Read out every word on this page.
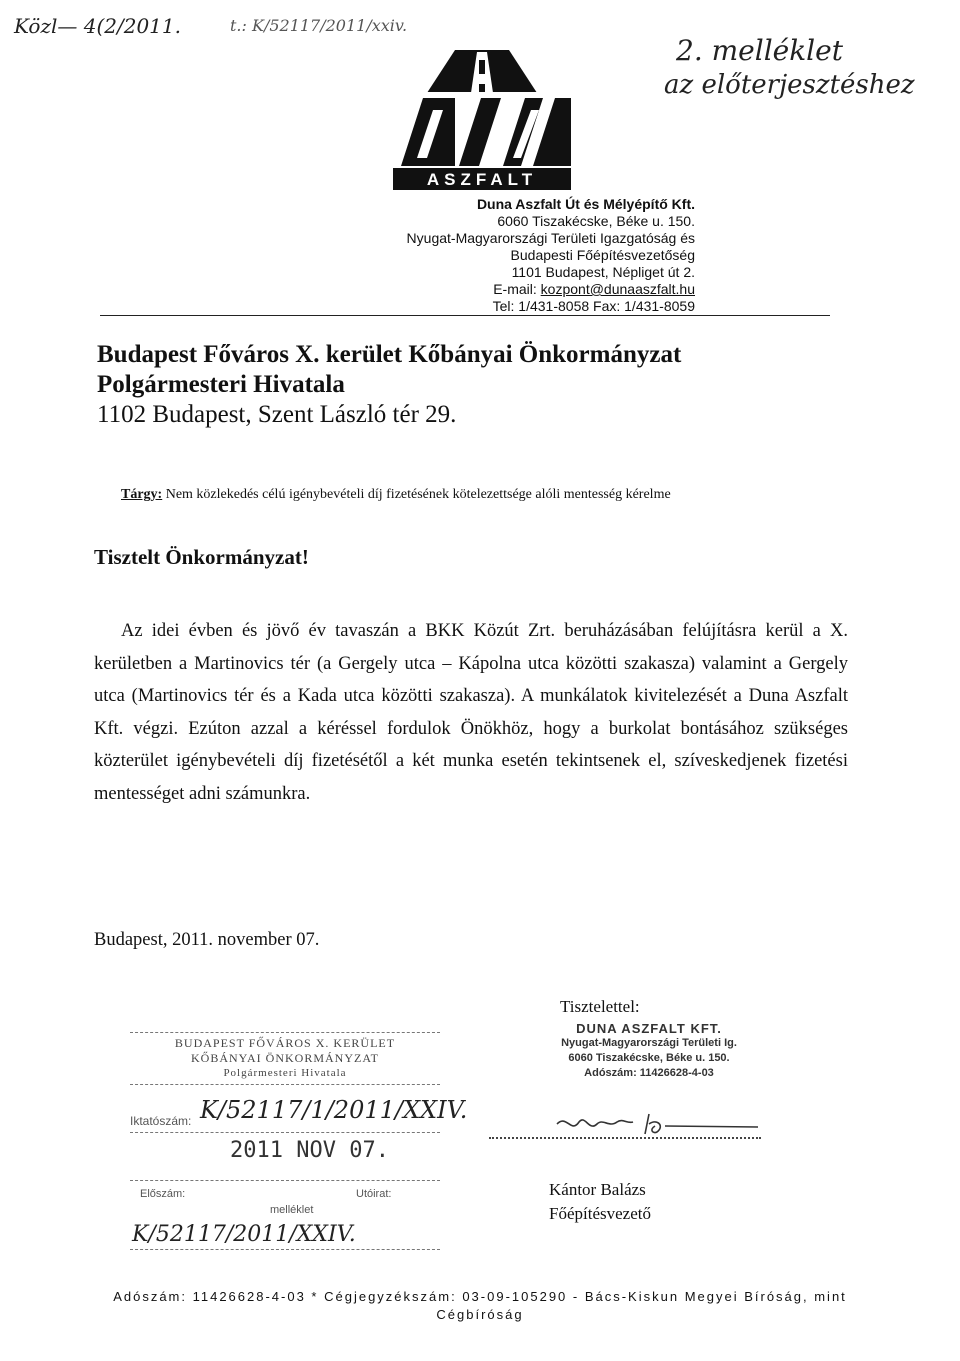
Közl— 4(2/2011.	t.: K/52117/2011/xxiv.
2. melléklet
az előterjesztéshez
ASZFALT
Duna Aszfalt Út és Mélyépítő Kft.
6060 Tiszakécske, Béke u. 150.
Nyugat-Magyarországi Területi Igazgatóság és
Budapesti Főépítésvezetőség
1101 Budapest, Népliget út 2.
E-mail: kozpont@dunaaszfalt.hu
Tel: 1/431-8058 Fax: 1/431-8059
Budapest Főváros X. kerület Kőbányai Önkormányzat
Polgármesteri Hivatala
1102 Budapest, Szent László tér 29.
Tárgy: Nem közlekedés célú igénybevételi díj fizetésének kötelezettsége alóli mentesség kérelme
Tisztelt Önkormányzat!
Az idei évben és jövő év tavaszán a BKK Közút Zrt. beruházásában felújításra kerül a X. kerületben a Martinovics tér (a Gergely utca – Kápolna utca közötti szakasza) valamint a Gergely utca (Martinovics tér és a Kada utca közötti szakasza). A munkálatok kivitelezését a Duna Aszfalt Kft. végzi. Ezúton azzal a kéréssel fordulok Önökhöz, hogy a burkolat bontásához szükséges közterület igénybevételi díj fizetésétől a két munka esetén tekintsenek el, szíveskedjenek fizetési mentességet adni számunkra.
Budapest, 2011. november 07.
Tisztelettel:
DUNA ASZFALT KFT.
Nyugat-Magyarországi Területi Ig.
6060 Tiszakécske, Béke u. 150.
Adószám: 11426628-4-03
Kántor Balázs
Főépítésvezető
BUDAPEST FŐVÁROS X. KERÜLET
KŐBÁNYAI ÖNKORMÁNYZAT
Polgármesteri Hivatala
Iktatószám: K/52117/1/2011/XXIV.
2011 NOV 07.
Előszám:	Utóirat:
melléklet
K/52117/2011/XXIV.
Adószám: 11426628-4-03 * Cégjegyzékszám: 03-09-105290 - Bács-Kiskun Megyei Bíróság, mint
Cégbíróság
